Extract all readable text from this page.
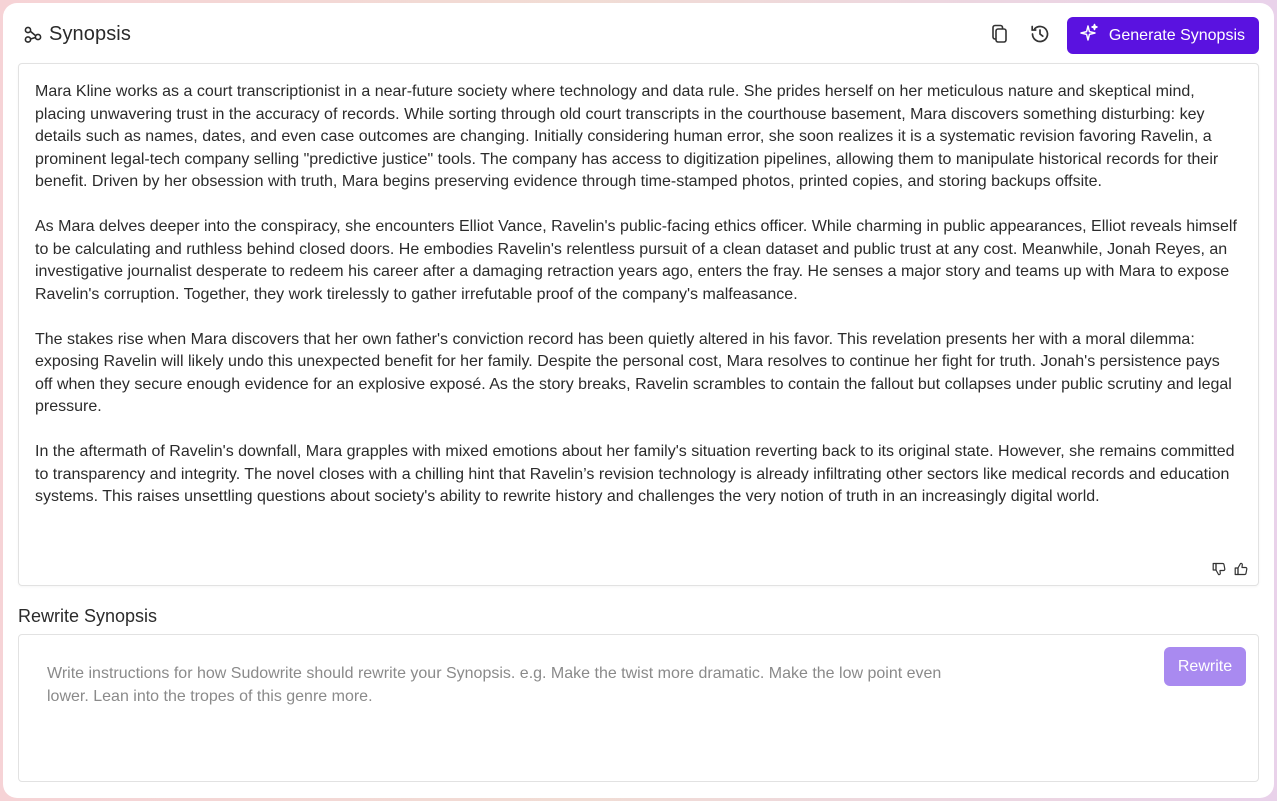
Synopsis	Generate Synopsis

Mara Kline works as a court transcriptionist in a near-future society where technology and data rule. She prides herself on her meticulous nature and skeptical mind, placing unwavering trust in the accuracy of records. While sorting through old court transcripts in the courthouse basement, Mara discovers something disturbing: key details such as names, dates, and even case outcomes are changing. Initially considering human error, she soon realizes it is a systematic revision favoring Ravelin, a prominent legal-tech company selling "predictive justice" tools. The company has access to digitization pipelines, allowing them to manipulate historical records for their benefit. Driven by her obsession with truth, Mara begins preserving evidence through time-stamped photos, printed copies, and storing backups offsite.

As Mara delves deeper into the conspiracy, she encounters Elliot Vance, Ravelin's public-facing ethics officer. While charming in public appearances, Elliot reveals himself to be calculating and ruthless behind closed doors. He embodies Ravelin's relentless pursuit of a clean dataset and public trust at any cost. Meanwhile, Jonah Reyes, an investigative journalist desperate to redeem his career after a damaging retraction years ago, enters the fray. He senses a major story and teams up with Mara to expose Ravelin's corruption. Together, they work tirelessly to gather irrefutable proof of the company's malfeasance.

The stakes rise when Mara discovers that her own father's conviction record has been quietly altered in his favor. This revelation presents her with a moral dilemma: exposing Ravelin will likely undo this unexpected benefit for her family. Despite the personal cost, Mara resolves to continue her fight for truth. Jonah's persistence pays off when they secure enough evidence for an explosive exposé. As the story breaks, Ravelin scrambles to contain the fallout but collapses under public scrutiny and legal pressure.

In the aftermath of Ravelin's downfall, Mara grapples with mixed emotions about her family's situation reverting back to its original state. However, she remains committed to transparency and integrity. The novel closes with a chilling hint that Ravelin’s revision technology is already infiltrating other sectors like medical records and education systems. This raises unsettling questions about society's ability to rewrite history and challenges the very notion of truth in an increasingly digital world.

Rewrite Synopsis
Write instructions for how Sudowrite should rewrite your Synopsis. e.g. Make the twist more dramatic. Make the low point even lower. Lean into the tropes of this genre more.
Rewrite
